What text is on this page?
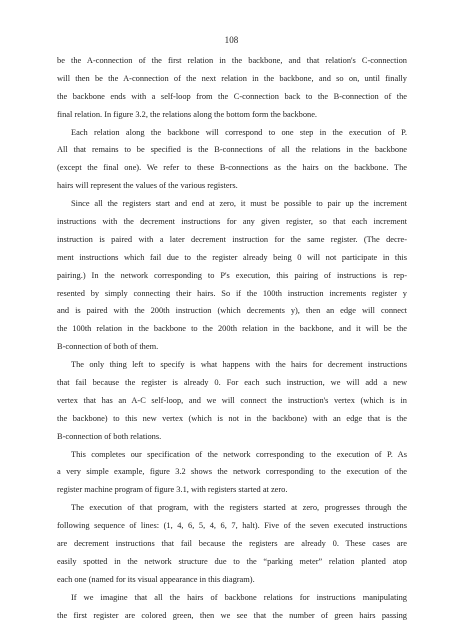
108
be the A-connection of the first relation in the backbone, and that relation's C-connection
will then be the A-connection of the next relation in the backbone, and so on, until finally
the backbone ends with a self-loop from the C-connection back to the B-connection of the
final relation. In figure 3.2, the relations along the bottom form the backbone.
Each relation along the backbone will correspond to one step in the execution of P.
All that remains to be specified is the B-connections of all the relations in the backbone
(except the final one). We refer to these B-connections as the hairs on the backbone. The
hairs will represent the values of the various registers.
Since all the registers start and end at zero, it must be possible to pair up the increment
instructions with the decrement instructions for any given register, so that each increment
instruction is paired with a later decrement instruction for the same register. (The decre-
ment instructions which fail due to the register already being 0 will not participate in this
pairing.) In the network corresponding to P's execution, this pairing of instructions is rep-
resented by simply connecting their hairs. So if the 100th instruction increments register y
and is paired with the 200th instruction (which decrements y), then an edge will connect
the 100th relation in the backbone to the 200th relation in the backbone, and it will be the
B-connection of both of them.
The only thing left to specify is what happens with the hairs for decrement instructions
that fail because the register is already 0. For each such instruction, we will add a new
vertex that has an A-C self-loop, and we will connect the instruction's vertex (which is in
the backbone) to this new vertex (which is not in the backbone) with an edge that is the
B-connection of both relations.
This completes our specification of the network corresponding to the execution of P. As
a very simple example, figure 3.2 shows the network corresponding to the execution of the
register machine program of figure 3.1, with registers started at zero.
The execution of that program, with the registers started at zero, progresses through the
following sequence of lines: (1, 4, 6, 5, 4, 6, 7, halt). Five of the seven executed instructions
are decrement instructions that fail because the registers are already 0. These cases are
easily spotted in the network structure due to the “parking meter” relation planted atop
each one (named for its visual appearance in this diagram).
If we imagine that all the hairs of backbone relations for instructions manipulating
the first register are colored green, then we see that the number of green hairs passing
